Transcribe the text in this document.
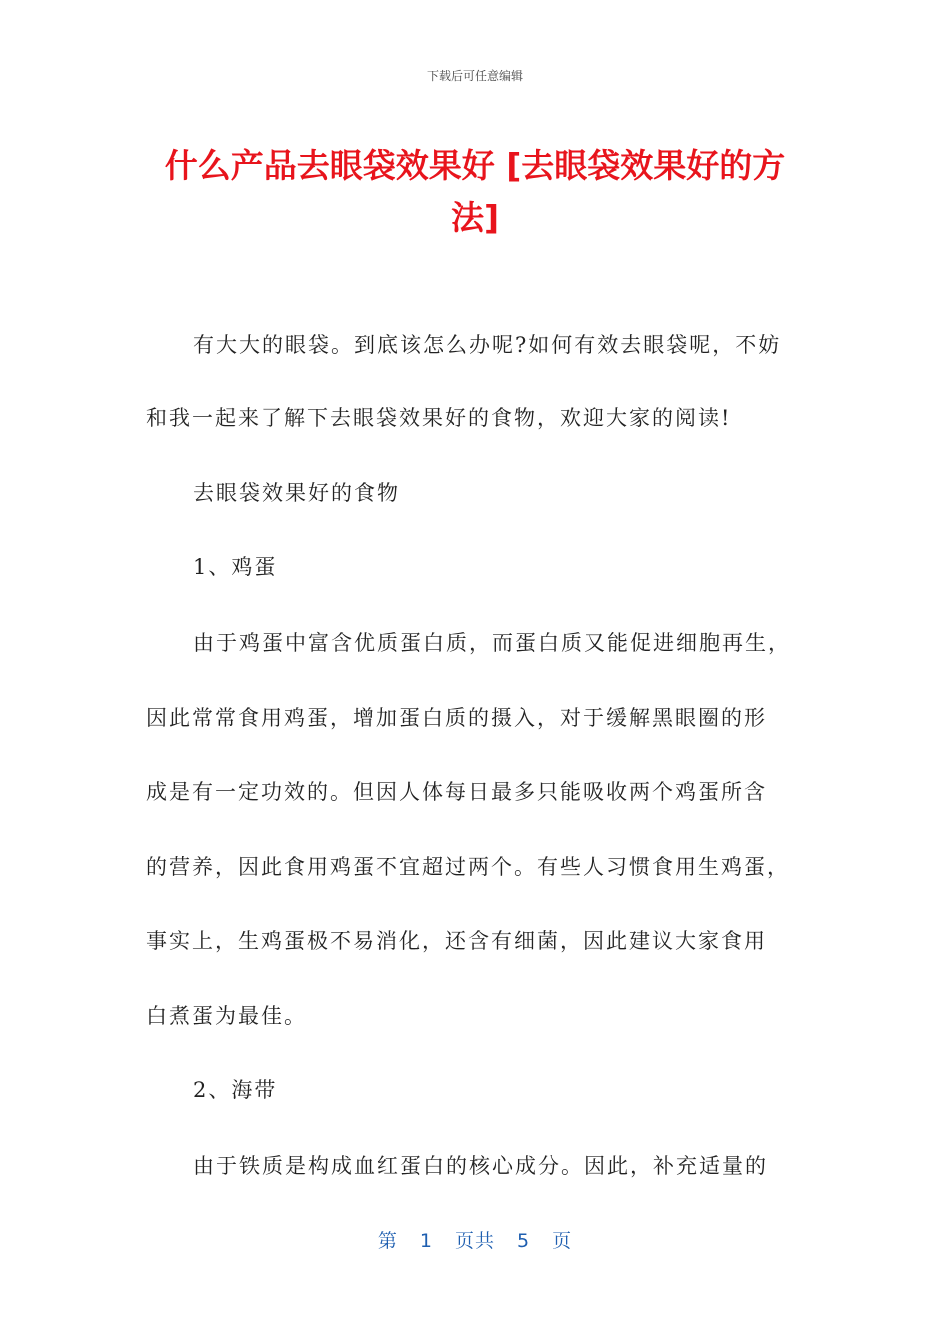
下载后可任意编辑
什么产品去眼袋效果好 [去眼袋效果好的方
法]

有大大的眼袋。到底该怎么办呢?如何有效去眼袋呢，不妨

和我一起来了解下去眼袋效果好的食物，欢迎大家的阅读!

去眼袋效果好的食物

1、鸡蛋

由于鸡蛋中富含优质蛋白质，而蛋白质又能促进细胞再生，

因此常常食用鸡蛋，增加蛋白质的摄入，对于缓解黑眼圈的形

成是有一定功效的。但因人体每日最多只能吸收两个鸡蛋所含

的营养，因此食用鸡蛋不宜超过两个。有些人习惯食用生鸡蛋，

事实上，生鸡蛋极不易消化，还含有细菌，因此建议大家食用

白煮蛋为最佳。

2、海带

由于铁质是构成血红蛋白的核心成分。因此，补充适量的

第 1 页共 5 页
